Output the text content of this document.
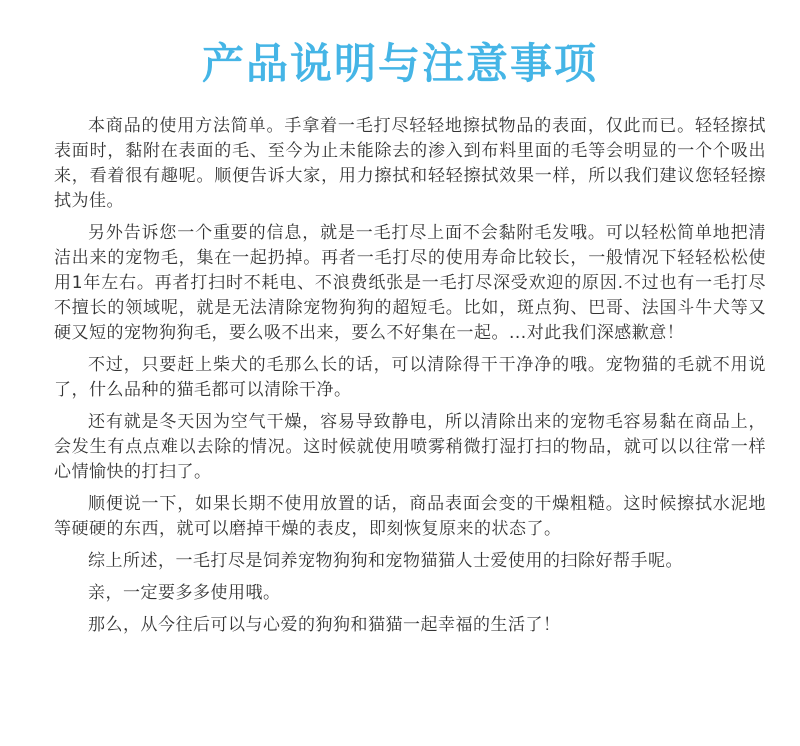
产品说明与注意事项

本商品的使用方法简单。手拿着一毛打尽轻轻地擦拭物品的表面，仅此而已。轻轻擦拭表面时，黏附在表面的毛、至今为止未能除去的渗入到布料里面的毛等会明显的一个个吸出来，看着很有趣呢。顺便告诉大家，用力擦拭和轻轻擦拭效果一样，所以我们建议您轻轻擦拭为佳。

另外告诉您一个重要的信息，就是一毛打尽上面不会黏附毛发哦。可以轻松简单地把清洁出来的宠物毛，集在一起扔掉。再者一毛打尽的使用寿命比较长，一般情况下轻轻松松使用1年左右。再者打扫时不耗电、不浪费纸张是一毛打尽深受欢迎的原因.不过也有一毛打尽不擅长的领域呢，就是无法清除宠物狗狗的超短毛。比如，斑点狗、巴哥、法国斗牛犬等又硬又短的宠物狗狗毛，要么吸不出来，要么不好集在一起。...对此我们深感歉意！

不过，只要赶上柴犬的毛那么长的话，可以清除得干干净净的哦。宠物猫的毛就不用说了，什么品种的猫毛都可以清除干净。

还有就是冬天因为空气干燥，容易导致静电，所以清除出来的宠物毛容易黏在商品上，会发生有点点难以去除的情况。这时候就使用喷雾稍微打湿打扫的物品，就可以以往常一样心情愉快的打扫了。

顺便说一下，如果长期不使用放置的话，商品表面会变的干燥粗糙。这时候擦拭水泥地等硬硬的东西，就可以磨掉干燥的表皮，即刻恢复原来的状态了。

综上所述，一毛打尽是饲养宠物狗狗和宠物猫猫人士爱使用的扫除好帮手呢。

亲，一定要多多使用哦。

那么，从今往后可以与心爱的狗狗和猫猫一起幸福的生活了！
